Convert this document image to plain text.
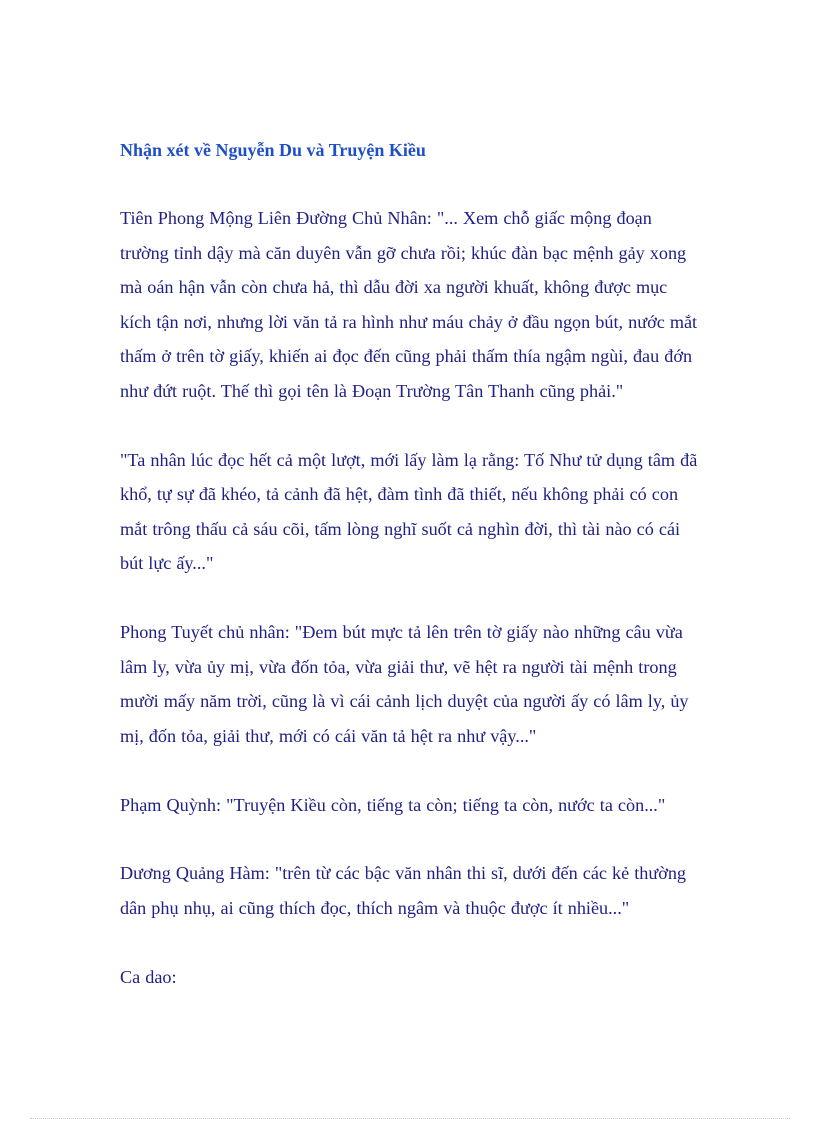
Nhận xét về Nguyễn Du và Truyện Kiều

Tiên Phong Mộng Liên Đường Chủ Nhân: "... Xem chỗ giấc mộng đoạn trường tỉnh dậy mà căn duyên vẫn gỡ chưa rồi; khúc đàn bạc mệnh gảy xong mà oán hận vẫn còn chưa hả, thì dẫu đời xa người khuất, không được mục kích tận nơi, nhưng lời văn tả ra hình như máu chảy ở đầu ngọn bút, nước mắt thấm ở trên tờ giấy, khiến ai đọc đến cũng phải thấm thía ngậm ngùi, đau đớn như đứt ruột. Thế thì gọi tên là Đoạn Trường Tân Thanh cũng phải."

"Ta nhân lúc đọc hết cả một lượt, mới lấy làm lạ rằng: Tố Như tử dụng tâm đã khổ, tự sự đã khéo, tả cảnh đã hệt, đàm tình đã thiết, nếu không phải có con mắt trông thấu cả sáu cõi, tấm lòng nghĩ suốt cả nghìn đời, thì tài nào có cái bút lực ấy..."

Phong Tuyết chủ nhân: "Đem bút mực tả lên trên tờ giấy nào những câu vừa lâm ly, vừa ủy mị, vừa đốn tỏa, vừa giải thư, vẽ hệt ra người tài mệnh trong mười mấy năm trời, cũng là vì cái cảnh lịch duyệt của người ấy có lâm ly, ủy mị, đốn tỏa, giải thư, mới có cái văn tả hệt ra như vậy..."

Phạm Quỳnh: "Truyện Kiều còn, tiếng ta còn; tiếng ta còn, nước ta còn..."

Dương Quảng Hàm: "trên từ các bậc văn nhân thi sĩ, dưới đến các kẻ thường dân phụ nhụ, ai cũng thích đọc, thích ngâm và thuộc được ít nhiều..."

Ca dao:
